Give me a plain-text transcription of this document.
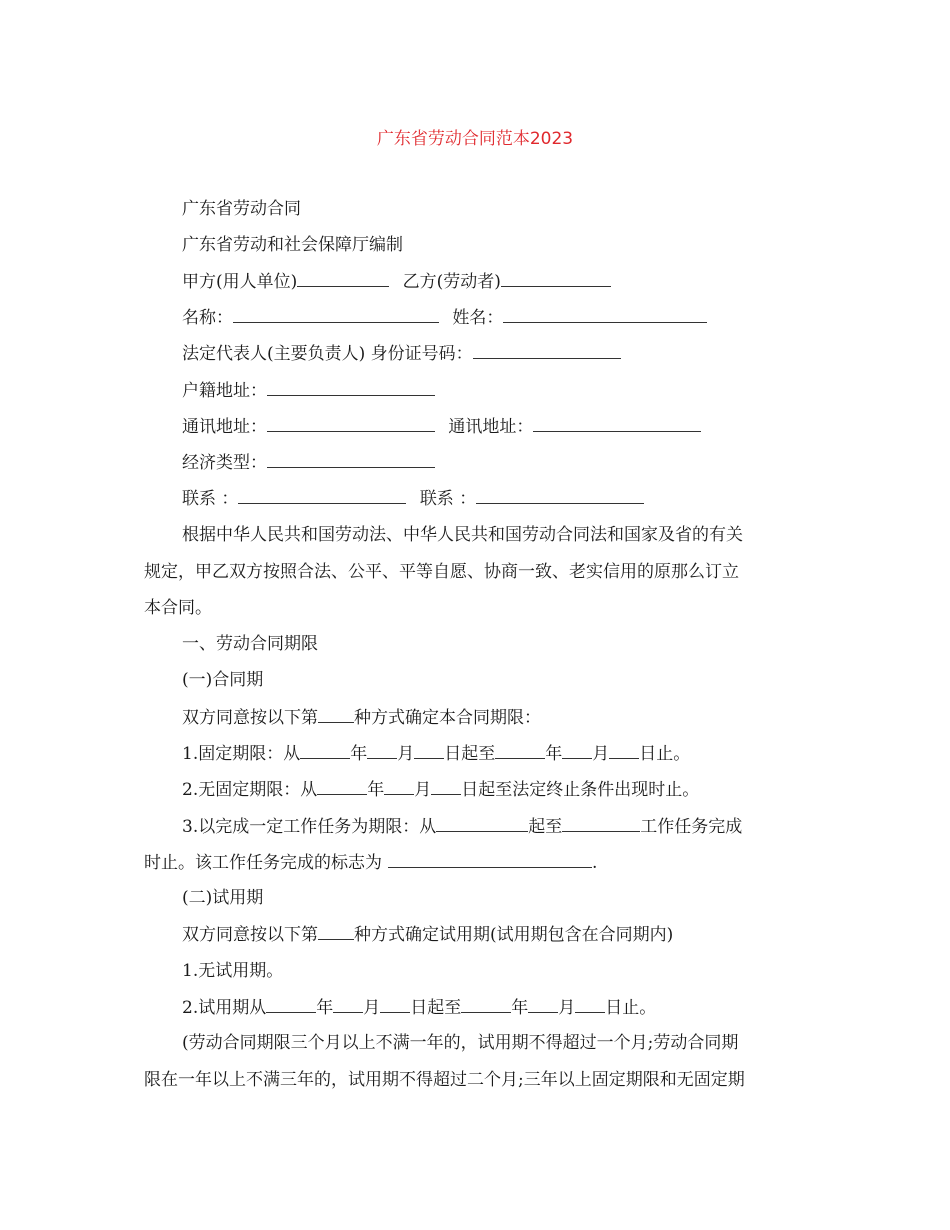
广东省劳动合同范本2023
广东省劳动合同
广东省劳动和社会保障厅编制
甲方(用人单位)	乙方(劳动者)
名称：	姓名：
法定代表人(主要负责人) 身份证号码：
户籍地址：
通讯地址：	通讯地址：
经济类型：
联系 ：	联系 ：
根据中华人民共和国劳动法、中华人民共和国劳动合同法和国家及省的有关
规定，甲乙双方按照合法、公平、平等自愿、协商一致、老实信用的原那么订立
本合同。
一、劳动合同期限
(一)合同期
双方同意按以下第 种方式确定本合同期限：
1.固定期限：从	年 月 日起至	年 月 日止。
2.无固定期限：从	年 月 日起至法定终止条件出现时止。
3.以完成一定工作任务为期限：从	起至	工作任务完成
时止。该工作任务完成的标志为	.
(二)试用期
双方同意按以下第 种方式确定试用期(试用期包含在合同期内)
1.无试用期。
2.试用期从	年 月 日起至	年 月 日止。
(劳动合同期限三个月以上不满一年的，试用期不得超过一个月;劳动合同期
限在一年以上不满三年的，试用期不得超过二个月;三年以上固定期限和无固定期
